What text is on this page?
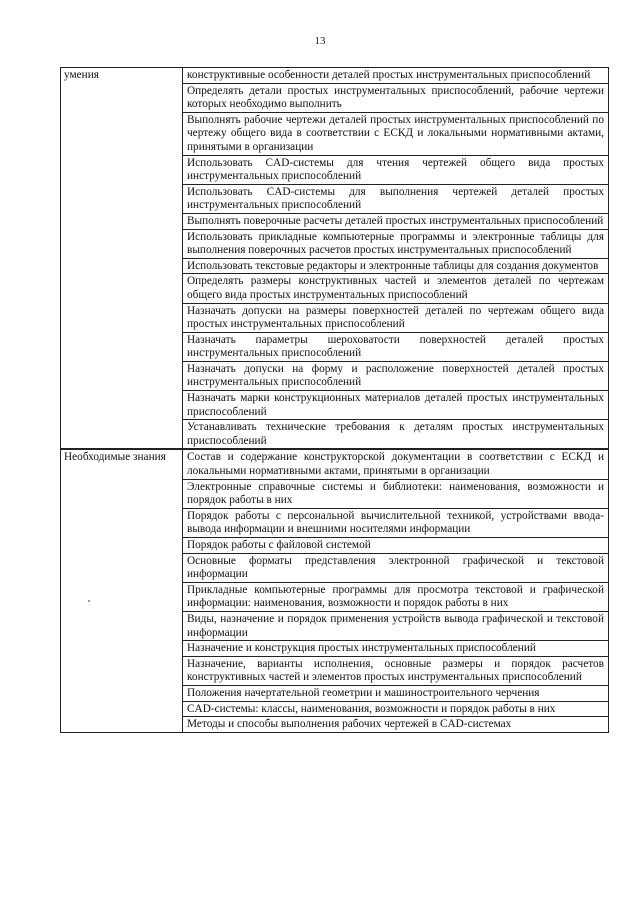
13
умения	конструктивные особенности деталей простых инструментальных приспособлений
	Определять детали простых инструментальных приспособлений, рабочие чертежи которых необходимо выполнить
	Выполнять рабочие чертежи деталей простых инструментальных приспособлений по чертежу общего вида в соответствии с ЕСКД и локальными нормативными актами, принятыми в организации
	Использовать CAD-системы для чтения чертежей общего вида простых инструментальных приспособлений
	Использовать CAD-системы для выполнения чертежей деталей простых инструментальных приспособлений
	Выполнять поверочные расчеты деталей простых инструментальных приспособлений
	Использовать прикладные компьютерные программы и электронные таблицы для выполнения поверочных расчетов простых инструментальных приспособлений
	Использовать текстовые редакторы и электронные таблицы для создания документов
	Определять размеры конструктивных частей и элементов деталей по чертежам общего вида простых инструментальных приспособлений
	Назначать допуски на размеры поверхностей деталей по чертежам общего вида простых инструментальных приспособлений
	Назначать параметры шероховатости поверхностей деталей простых инструментальных приспособлений
	Назначать допуски на форму и расположение поверхностей деталей простых инструментальных приспособлений
	Назначать марки конструкционных материалов деталей простых инструментальных приспособлений
	Устанавливать технические требования к деталям простых инструментальных приспособлений
Необходимые знания	Состав и содержание конструкторской документации в соответствии с ЕСКД и локальными нормативными актами, принятыми в организации
	Электронные справочные системы и библиотеки: наименования, возможности и порядок работы в них
	Порядок работы с персональной вычислительной техникой, устройствами ввода-вывода информации и внешними носителями информации
	Порядок работы с файловой системой
	Основные форматы представления электронной графической и текстовой информации
	Прикладные компьютерные программы для просмотра текстовой и графической информации: наименования, возможности и порядок работы в них
	Виды, назначение и порядок применения устройств вывода графической и текстовой информации
	Назначение и конструкция простых инструментальных приспособлений
	Назначение, варианты исполнения, основные размеры и порядок расчетов конструктивных частей и элементов простых инструментальных приспособлений
	Положения начертательной геометрии и машиностроительного черчения
	CAD-системы: классы, наименования, возможности и порядок работы в них
	Методы и способы выполнения рабочих чертежей в CAD-системах
